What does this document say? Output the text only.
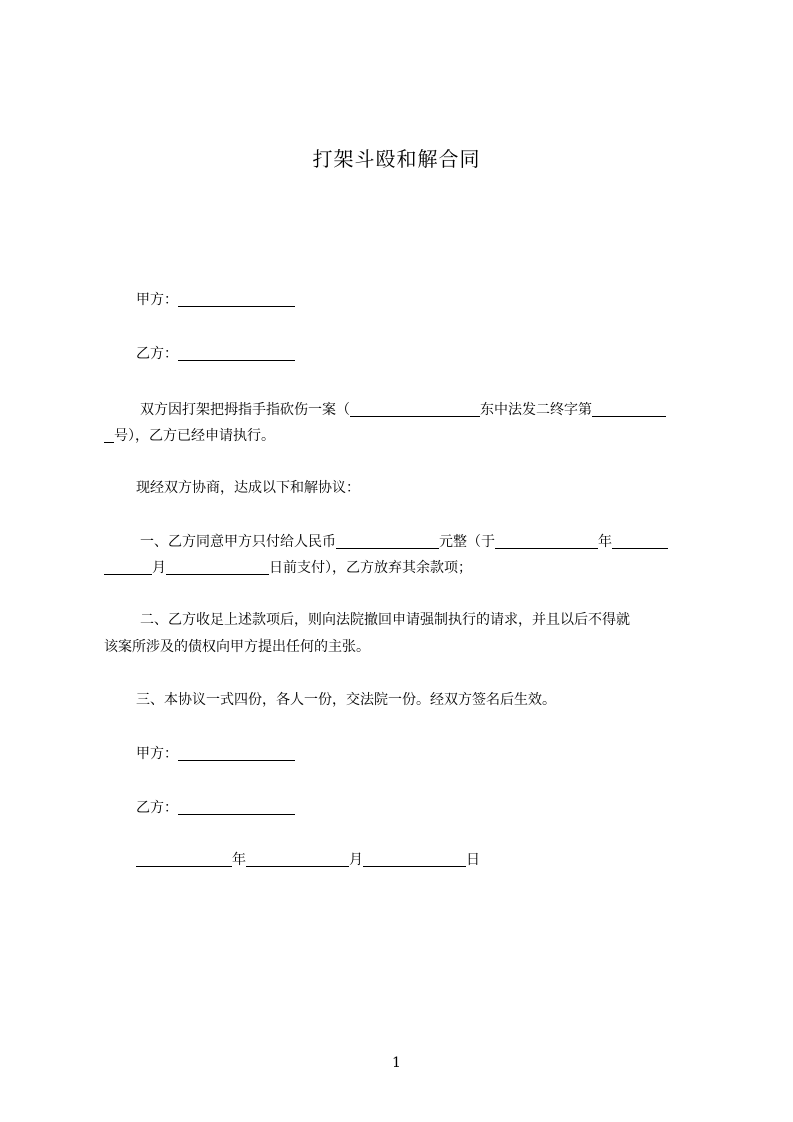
打架斗殴和解合同
甲方：
乙方：
双方因打架把拇指手指砍伤一案（	东中法发二终字第
号），乙方已经申请执行。
现经双方协商，达成以下和解协议：
一、乙方同意甲方只付给人民币	元整（于	年
月	日前支付），乙方放弃其余款项；
二、乙方收足上述款项后，则向法院撤回申请强制执行的请求，并且以后不得就
该案所涉及的债权向甲方提出任何的主张。
三、本协议一式四份，各人一份，交法院一份。经双方签名后生效。
甲方：
乙方：
年	月	日
1
